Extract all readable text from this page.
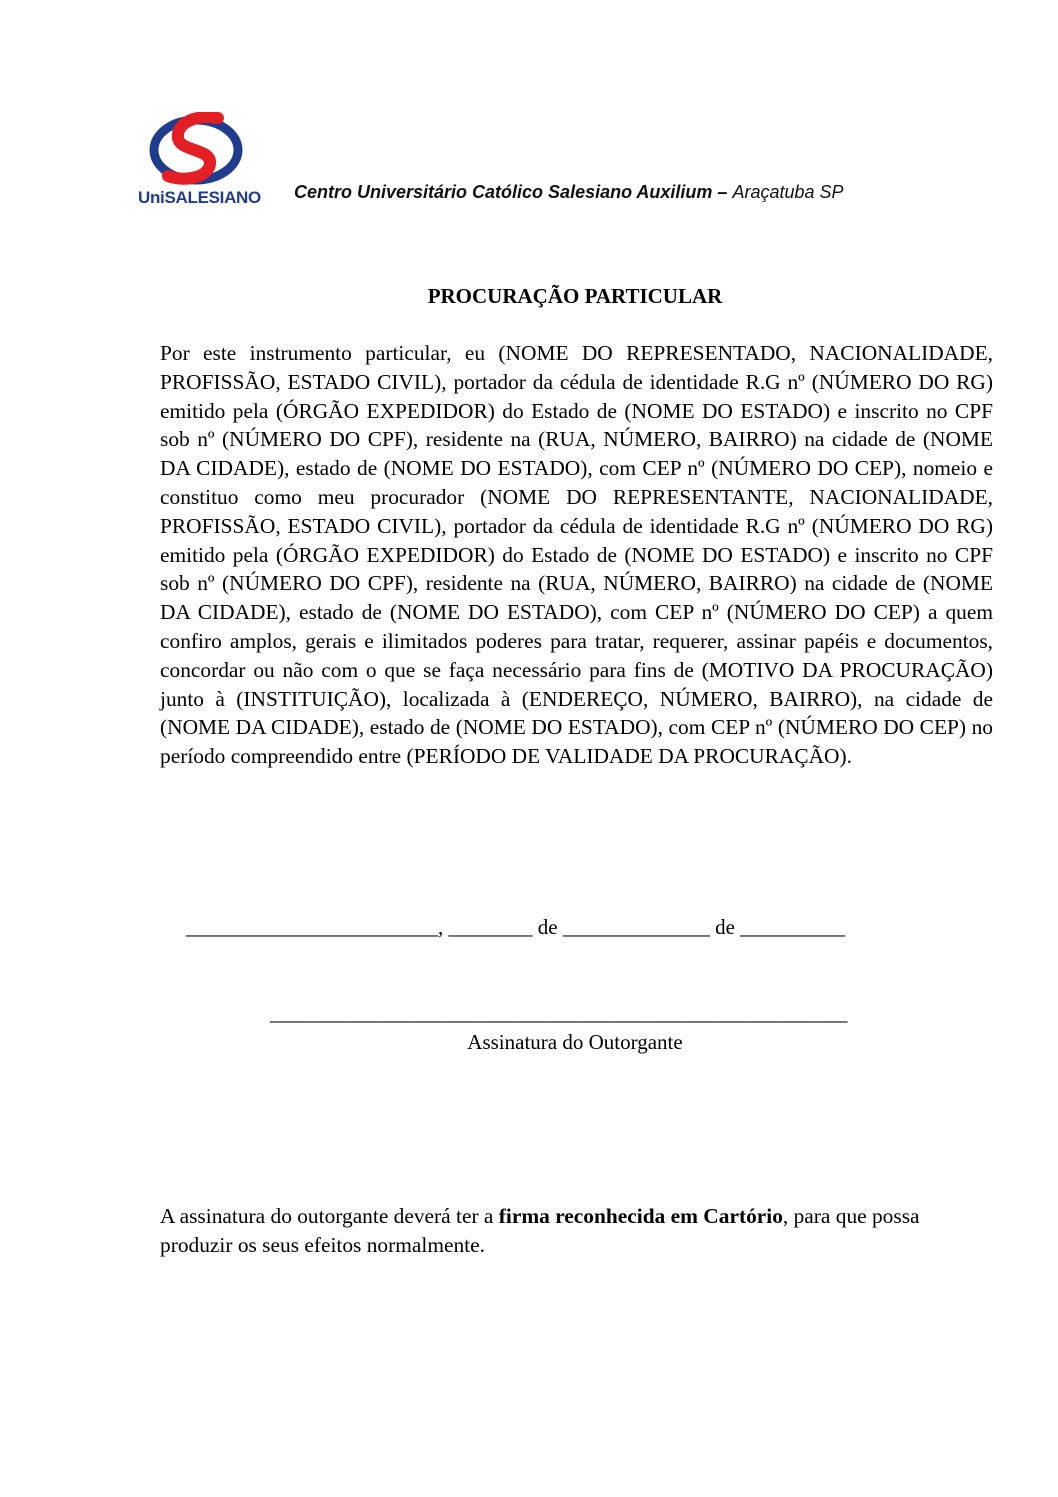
UniSALESIANO Centro Universitário Católico Salesiano Auxilium – Araçatuba SP
PROCURAÇÃO PARTICULAR
Por este instrumento particular, eu (NOME DO REPRESENTADO, NACIONALIDADE, PROFISSÃO, ESTADO CIVIL), portador da cédula de identidade R.G nº (NÚMERO DO RG) emitido pela (ÓRGÃO EXPEDIDOR) do Estado de (NOME DO ESTADO) e inscrito no CPF sob nº (NÚMERO DO CPF), residente na (RUA, NÚMERO, BAIRRO) na cidade de (NOME DA CIDADE), estado de (NOME DO ESTADO), com CEP nº (NÚMERO DO CEP), nomeio e constituo como meu procurador (NOME DO REPRESENTANTE, NACIONALIDADE, PROFISSÃO, ESTADO CIVIL), portador da cédula de identidade R.G nº (NÚMERO DO RG) emitido pela (ÓRGÃO EXPEDIDOR) do Estado de (NOME DO ESTADO) e inscrito no CPF sob nº (NÚMERO DO CPF), residente na (RUA, NÚMERO, BAIRRO) na cidade de (NOME DA CIDADE), estado de (NOME DO ESTADO), com CEP nº (NÚMERO DO CEP) a quem confiro amplos, gerais e ilimitados poderes para tratar, requerer, assinar papéis e documentos, concordar ou não com o que se faça necessário para fins de (MOTIVO DA PROCURAÇÃO) junto à (INSTITUIÇÃO), localizada à (ENDEREÇO, NÚMERO, BAIRRO), na cidade de (NOME DA CIDADE), estado de (NOME DO ESTADO), com CEP nº (NÚMERO DO CEP) no período compreendido entre (PERÍODO DE VALIDADE DA PROCURAÇÃO).
________________________, ________ de ______________ de __________
_______________________________________________________
Assinatura do Outorgante
A assinatura do outorgante deverá ter a firma reconhecida em Cartório, para que possa produzir os seus efeitos normalmente.
